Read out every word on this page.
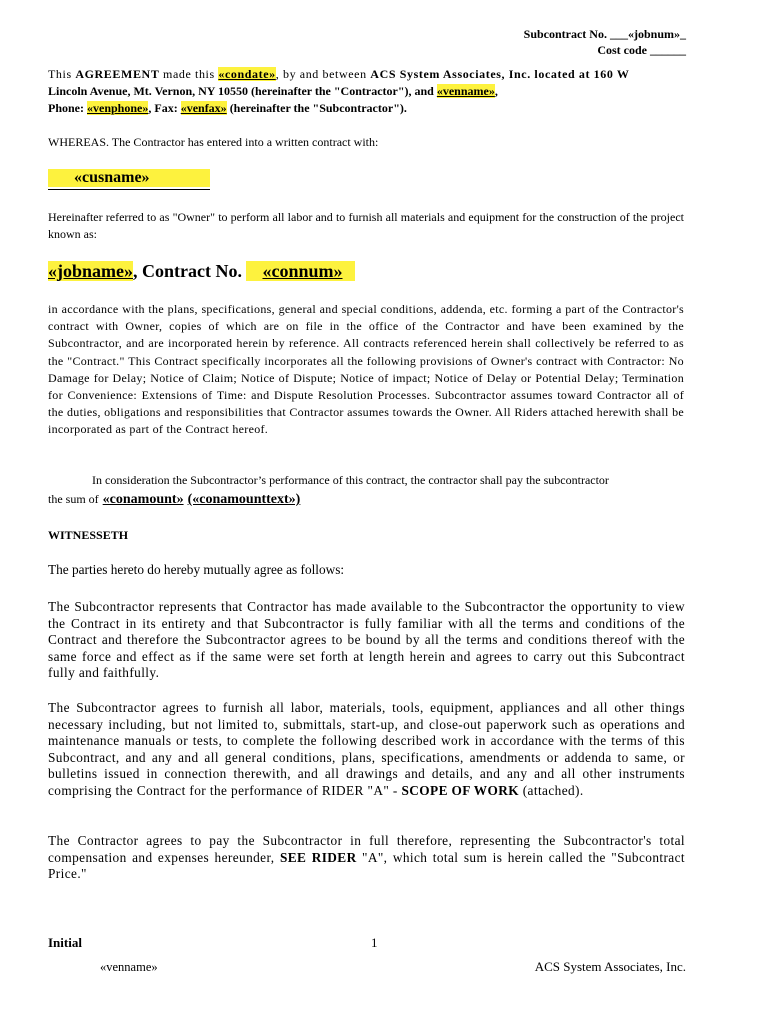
Subcontract No. ___«jobnum»_
Cost code ______
This AGREEMENT made this «condate», by and between ACS System Associates, Inc. located at 160 W
Lincoln Avenue, Mt. Vernon, NY 10550 (hereinafter the "Contractor"), and «venname»,
Phone: «venphone», Fax: «venfax» (hereinafter the "Subcontractor").
WHEREAS. The Contractor has entered into a written contract with:
«cusname»
Hereinafter referred to as "Owner" to perform all labor and to furnish all materials and equipment for the construction of the project known as:
«jobname», Contract No. «connum»
in accordance with the plans, specifications, general and special conditions, addenda, etc. forming a part of the Contractor's contract with Owner, copies of which are on file in the office of the Contractor and have been examined by the Subcontractor, and are incorporated herein by reference. All contracts referenced herein shall collectively be referred to as the "Contract." This Contract specifically incorporates all the following provisions of Owner's contract with Contractor: No Damage for Delay; Notice of Claim; Notice of Dispute; Notice of impact; Notice of Delay or Potential Delay; Termination for Convenience: Extensions of Time: and Dispute Resolution Processes. Subcontractor assumes toward Contractor all of the duties, obligations and responsibilities that Contractor assumes towards the Owner. All Riders attached herewith shall be incorporated as part of the Contract hereof.
In consideration the Subcontractor’s performance of this contract, the contractor shall pay the subcontractor
the sum of «conamount» («conamounttext»)
WITNESSETH
The parties hereto do hereby mutually agree as follows:
The Subcontractor represents that Contractor has made available to the Subcontractor the opportunity to view the Contract in its entirety and that Subcontractor is fully familiar with all the terms and conditions of the Contract and therefore the Subcontractor agrees to be bound by all the terms and conditions thereof with the same force and effect as if the same were set forth at length herein and agrees to carry out this Subcontract fully and faithfully.
The Subcontractor agrees to furnish all labor, materials, tools, equipment, appliances and all other things necessary including, but not limited to, submittals, start-up, and close-out paperwork such as operations and maintenance manuals or tests, to complete the following described work in accordance with the terms of this Subcontract, and any and all general conditions, plans, specifications, amendments or addenda to same, or bulletins issued in connection therewith, and all drawings and details, and any and all other instruments comprising the Contract for the performance of RIDER "A" - SCOPE OF WORK (attached).
The Contractor agrees to pay the Subcontractor in full therefore, representing the Subcontractor's total compensation and expenses hereunder, SEE RIDER "A", which total sum is herein called the "Subcontract Price."
Initial	1
«venname»	ACS System Associates, Inc.
